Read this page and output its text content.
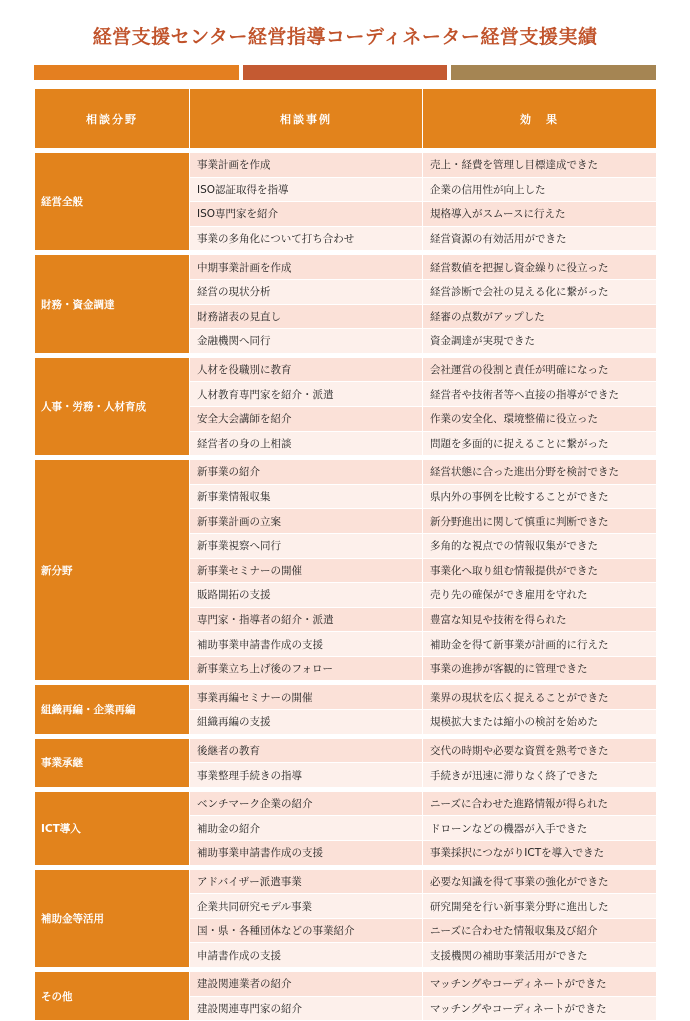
経営支援センター経営指導コーディネーター経営支援実績
相談分野	相談事例	効　果
経営全般	事業計画を作成	売上・経費を管理し目標達成できた
	ISO認証取得を指導	企業の信用性が向上した
	ISO専門家を紹介	規格導入がスムースに行えた
	事業の多角化について打ち合わせ	経営資源の有効活用ができた
財務・資金調達	中期事業計画を作成	経営数値を把握し資金繰りに役立った
	経営の現状分析	経営診断で会社の見える化に繋がった
	財務諸表の見直し	経審の点数がアップした
	金融機関へ同行	資金調達が実現できた
人事・労務・人材育成	人材を役職別に教育	会社運営の役割と責任が明確になった
	人材教育専門家を紹介・派遣	経営者や技術者等へ直接の指導ができた
	安全大会講師を紹介	作業の安全化、環境整備に役立った
	経営者の身の上相談	問題を多面的に捉えることに繋がった
新分野	新事業の紹介	経営状態に合った進出分野を検討できた
	新事業情報収集	県内外の事例を比較することができた
	新事業計画の立案	新分野進出に関して慎重に判断できた
	新事業視察へ同行	多角的な視点での情報収集ができた
	新事業セミナーの開催	事業化へ取り組む情報提供ができた
	販路開拓の支援	売り先の確保ができ雇用を守れた
	専門家・指導者の紹介・派遣	豊富な知見や技術を得られた
	補助事業申請書作成の支援	補助金を得て新事業が計画的に行えた
	新事業立ち上げ後のフォロー	事業の進捗が客観的に管理できた
組織再編・企業再編	事業再編セミナーの開催	業界の現状を広く捉えることができた
	組織再編の支援	規模拡大または縮小の検討を始めた
事業承継	後継者の教育	交代の時期や必要な資質を熟考できた
	事業整理手続きの指導	手続きが迅速に滞りなく終了できた
ICT導入	ベンチマーク企業の紹介	ニーズに合わせた進路情報が得られた
	補助金の紹介	ドローンなどの機器が入手できた
	補助事業申請書作成の支援	事業採択につながりICTを導入できた
補助金等活用	アドバイザー派遣事業	必要な知識を得て事業の強化ができた
	企業共同研究モデル事業	研究開発を行い新事業分野に進出した
	国・県・各種団体などの事業紹介	ニーズに合わせた情報収集及び紹介
	申請書作成の支援	支援機関の補助事業活用ができた
その他	建設関連業者の紹介	マッチングやコーディネートができた
	建設関連専門家の紹介	マッチングやコーディネートができた
